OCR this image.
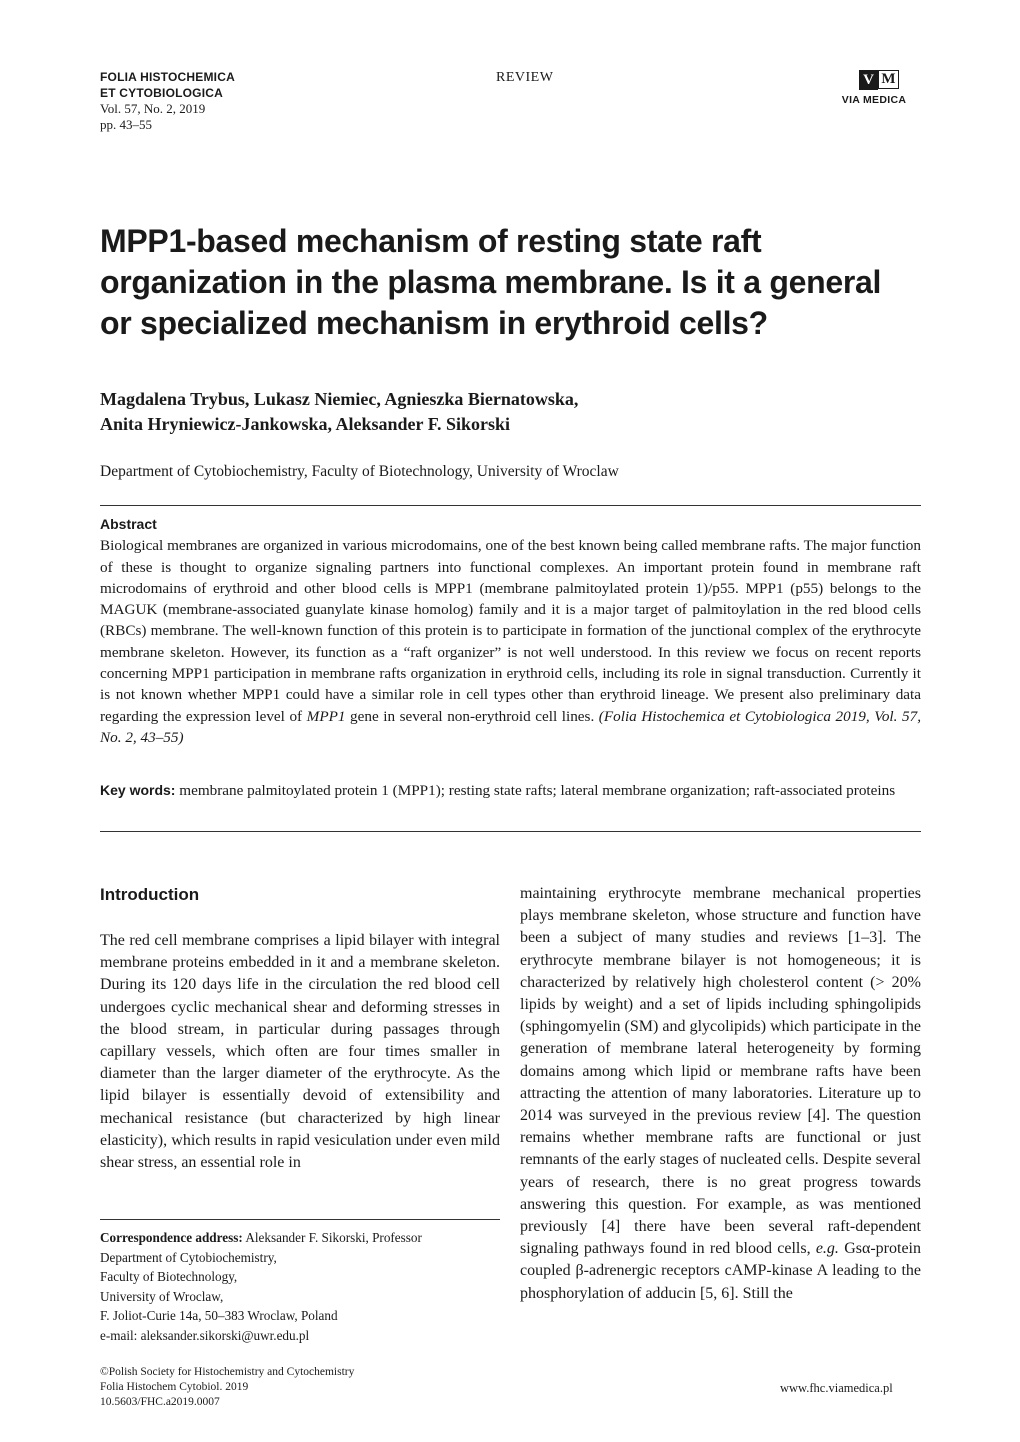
FOLIA HISTOCHEMICA
ET CYTOBIOLOGICA
Vol. 57, No. 2, 2019
pp. 43–55
REVIEW	V M
VIA MEDICA
MPP1-based mechanism of resting state raft
organization in the plasma membrane. Is it a general
or specialized mechanism in erythroid cells?
Magdalena Trybus, Lukasz Niemiec, Agnieszka Biernatowska,
Anita Hryniewicz-Jankowska, Aleksander F. Sikorski
Department of Cytobiochemistry, Faculty of Biotechnology, University of Wroclaw
Abstract
Biological membranes are organized in various microdomains, one of the best known being called membrane rafts. The major function of these is thought to organize signaling partners into functional complexes. An important protein found in membrane raft microdomains of erythroid and other blood cells is MPP1 (membrane palmitoylated protein 1)/p55. MPP1 (p55) belongs to the MAGUK (membrane-associated guanylate kinase homolog) family and it is a major target of palmitoylation in the red blood cells (RBCs) membrane. The well-known function of this protein is to participate in formation of the junctional complex of the erythrocyte membrane skeleton. However, its function as a “raft organizer” is not well understood. In this review we focus on recent reports concerning MPP1 participation in membrane rafts organization in erythroid cells, including its role in signal transduction. Currently it is not known whether MPP1 could have a similar role in cell types other than erythroid lineage. We present also preliminary data regarding the expression level of MPP1 gene in several non-erythroid cell lines. (Folia Histochemica et Cytobiologica 2019, Vol. 57, No. 2, 43–55)
Key words: membrane palmitoylated protein 1 (MPP1); resting state rafts; lateral membrane organization; raft-associated proteins
Introduction
The red cell membrane comprises a lipid bilayer with integral membrane proteins embedded in it and a membrane skeleton. During its 120 days life in the circulation the red blood cell undergoes cyclic mechanical shear and deforming stresses in the blood stream, in particular during passages through capillary vessels, which often are four times smaller in diameter than the larger diameter of the erythrocyte. As the lipid bilayer is essentially devoid of extensibility and mechanical resistance (but characterized by high linear elasticity), which results in rapid vesiculation under even mild shear stress, an essential role in
maintaining erythrocyte membrane mechanical properties plays membrane skeleton, whose structure and function have been a subject of many studies and reviews [1–3]. The erythrocyte membrane bilayer is not homogeneous; it is characterized by relatively high cholesterol content (> 20% lipids by weight) and a set of lipids including sphingolipids (sphingomyelin (SM) and glycolipids) which participate in the generation of membrane lateral heterogeneity by forming domains among which lipid or membrane rafts have been attracting the attention of many laboratories. Literature up to 2014 was surveyed in the previous review [4]. The question remains whether membrane rafts are functional or just remnants of the early stages of nucleated cells. Despite several years of research, there is no great progress towards answering this question. For example, as was mentioned previously [4] there have been several raft-dependent signaling pathways found in red blood cells, e.g. Gsα-protein coupled β-adrenergic receptors cAMP-kinase A leading to the phosphorylation of adducin [5, 6]. Still the
Correspondence address: Aleksander F. Sikorski, Professor
Department of Cytobiochemistry,
Faculty of Biotechnology,
University of Wroclaw,
F. Joliot-Curie 14a, 50–383 Wroclaw, Poland
e-mail: aleksander.sikorski@uwr.edu.pl
©Polish Society for Histochemistry and Cytochemistry
Folia Histochem Cytobiol. 2019
10.5603/FHC.a2019.0007
www.fhc.viamedica.pl
